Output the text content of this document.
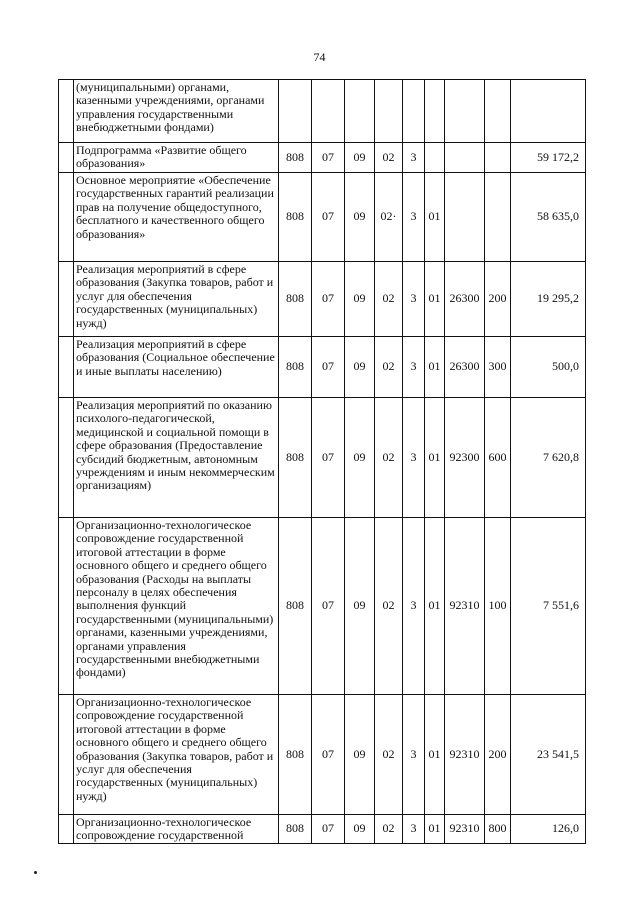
74
	(муниципальными) органами, казенными учреждениями, органами управления государственными внебюджетными фондами)									
	Подпрограмма «Развитие общего образования»	808	07	09	02	3				59 172,2
	Основное мероприятие «Обеспечение государственных гарантий реализации прав на получение общедоступного, бесплатного и качественного общего образования»	808	07	09	02·	3	01			58 635,0
	Реализация мероприятий в сфере образования (Закупка товаров, работ и услуг для обеспечения государственных (муниципальных) нужд)	808	07	09	02	3	01	26300	200	19 295,2
	Реализация мероприятий в сфере образования (Социальное обеспечение и иные выплаты населению)	808	07	09	02	3	01	26300	300	500,0
	Реализация мероприятий по оказанию психолого-педагогической, медицинской и социальной помощи в сфере образования (Предоставление субсидий бюджетным, автономным учреждениям и иным некоммерческим организациям)	808	07	09	02	3	01	92300	600	7 620,8
	Организационно-технологическое сопровождение государственной итоговой аттестации в форме основного общего и среднего общего образования (Расходы на выплаты персоналу в целях обеспечения выполнения функций государственными (муниципальными) органами, казенными учреждениями, органами управления государственными внебюджетными фондами)	808	07	09	02	3	01	92310	100	7 551,6
	Организационно-технологическое сопровождение государственной итоговой аттестации в форме основного общего и среднего общего образования (Закупка товаров, работ и услуг для обеспечения государственных (муниципальных) нужд)	808	07	09	02	3	01	92310	200	23 541,5
	Организационно-технологическое сопровождение государственной	808	07	09	02	3	01	92310	800	126,0
